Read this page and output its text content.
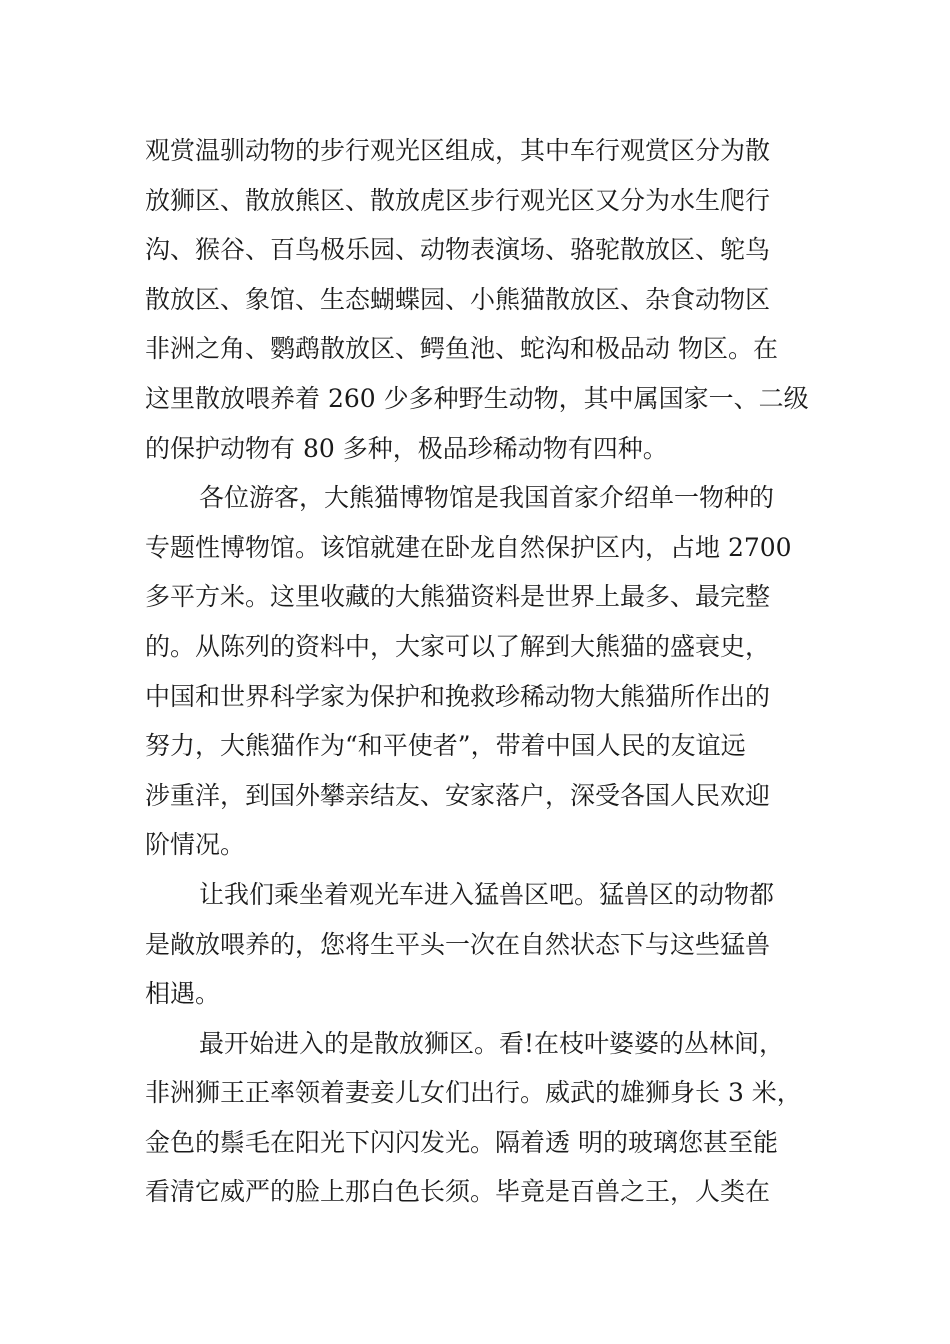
观赏温驯动物的步行观光区组成，其中车行观赏区分为散
放狮区、散放熊区、散放虎区步行观光区又分为水生爬行
沟、猴谷、百鸟极乐园、动物表演场、骆驼散放区、鸵鸟
散放区、象馆、生态蝴蝶园、小熊猫散放区、杂食动物区
非洲之角、鹦鹉散放区、鳄鱼池、蛇沟和极品动 物区。在
这里散放喂养着 260 少多种野生动物，其中属国家一、二级
的保护动物有 80 多种，极品珍稀动物有四种。
各位游客，大熊猫博物馆是我国首家介绍单一物种的
专题性博物馆。该馆就建在卧龙自然保护区内，占地 2700
多平方米。这里收藏的大熊猫资料是世界上最多、最完整
的。从陈列的资料中，大家可以了解到大熊猫的盛衰史，
中国和世界科学家为保护和挽救珍稀动物大熊猫所作出的
努力，大熊猫作为“和平使者”，带着中国人民的友谊远
涉重洋，到国外攀亲结友、安家落户，深受各国人民欢迎
阶情况。
让我们乘坐着观光车进入猛兽区吧。猛兽区的动物都
是敞放喂养的，您将生平头一次在自然状态下与这些猛兽
相遇。
最开始进入的是散放狮区。看!在枝叶婆婆的丛林间，
非洲狮王正率领着妻妾儿女们出行。威武的雄狮身长 3 米，
金色的鬃毛在阳光下闪闪发光。隔着透 明的玻璃您甚至能
看清它威严的脸上那白色长须。毕竟是百兽之王，人类在
